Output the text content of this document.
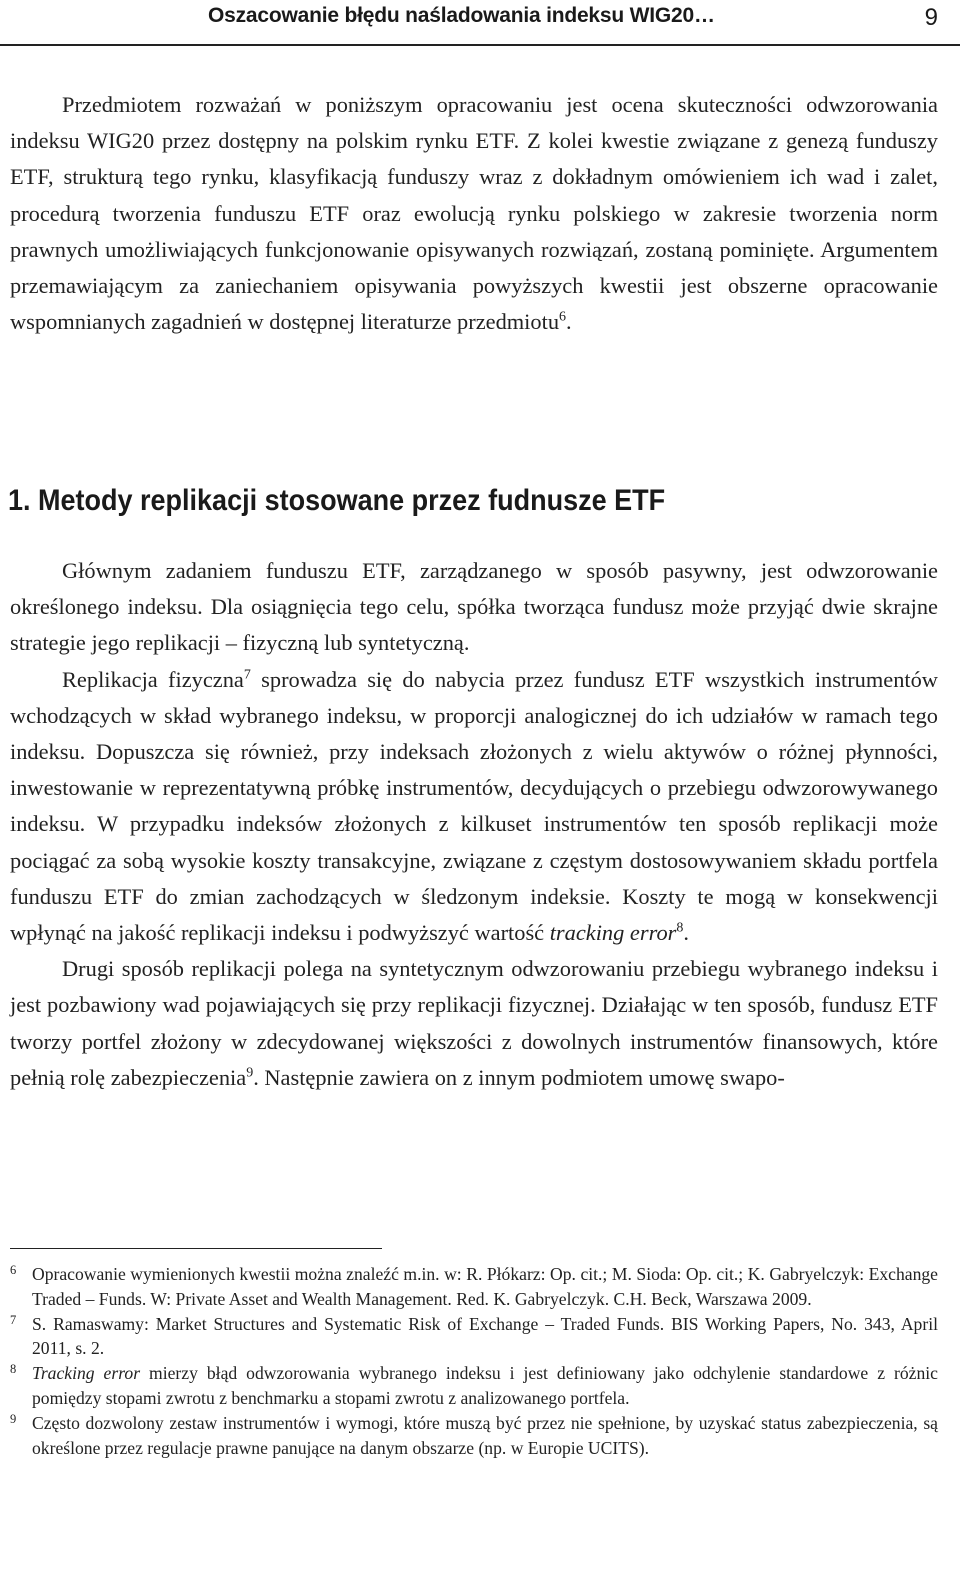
Oszacowanie błędu naśladowania indeksu WIG20…	9

Przedmiotem rozważań w poniższym opracowaniu jest ocena skuteczności odwzorowania indeksu WIG20 przez dostępny na polskim rynku ETF. Z kolei kwestie związane z genezą funduszy ETF, strukturą tego rynku, klasyfikacją funduszy wraz z dokładnym omówieniem ich wad i zalet, procedurą tworzenia funduszu ETF oraz ewolucją rynku polskiego w zakresie tworzenia norm prawnych umożliwiających funkcjonowanie opisywanych rozwiązań, zostaną pominięte. Argumentem przemawiającym za zaniechaniem opisywania powyższych kwestii jest obszerne opracowanie wspomnianych zagadnień w dostępnej literaturze przedmiotu$^6$.

1. Metody replikacji stosowane przez fudnusze ETF

Głównym zadaniem funduszu ETF, zarządzanego w sposób pasywny, jest odwzorowanie określonego indeksu. Dla osiągnięcia tego celu, spółka tworząca fundusz może przyjąć dwie skrajne strategie jego replikacji – fizyczną lub syntetyczną.

Replikacja fizyczna$^7$ sprowadza się do nabycia przez fundusz ETF wszystkich instrumentów wchodzących w skład wybranego indeksu, w proporcji analogicznej do ich udziałów w ramach tego indeksu. Dopuszcza się również, przy indeksach złożonych z wielu aktywów o różnej płynności, inwestowanie w reprezentatywną próbkę instrumentów, decydujących o przebiegu odwzorowywanego indeksu. W przypadku indeksów złożonych z kilkuset instrumentów ten sposób replikacji może pociągać za sobą wysokie koszty transakcyjne, związane z częstym dostosowywaniem składu portfela funduszu ETF do zmian zachodzących w śledzonym indeksie. Koszty te mogą w konsekwencji wpłynąć na jakość replikacji indeksu i podwyższyć wartość tracking error$^8$.

Drugi sposób replikacji polega na syntetycznym odwzorowaniu przebiegu wybranego indeksu i jest pozbawiony wad pojawiających się przy replikacji fizycznej. Działając w ten sposób, fundusz ETF tworzy portfel złożony w zdecydowanej większości z dowolnych instrumentów finansowych, które pełnią rolę zabezpieczenia$^9$. Następnie zawiera on z innym podmiotem umowę swapo-

6 Opracowanie wymienionych kwestii można znaleźć m.in. w: R. Płókarz: Op. cit.; M. Sioda: Op. cit.; K. Gabryelczyk: Exchange Traded – Funds. W: Private Asset and Wealth Management. Red. K. Gabryelczyk. C.H. Beck, Warszawa 2009.
7 S. Ramaswamy: Market Structures and Systematic Risk of Exchange – Traded Funds. BIS Working Papers, No. 343, April 2011, s. 2.
8 Tracking error mierzy błąd odwzorowania wybranego indeksu i jest definiowany jako odchylenie standardowe z różnic pomiędzy stopami zwrotu z benchmarku a stopami zwrotu z analizowanego portfela.
9 Często dozwolony zestaw instrumentów i wymogi, które muszą być przez nie spełnione, by uzyskać status zabezpieczenia, są określone przez regulacje prawne panujące na danym obszarze (np. w Europie UCITS).
